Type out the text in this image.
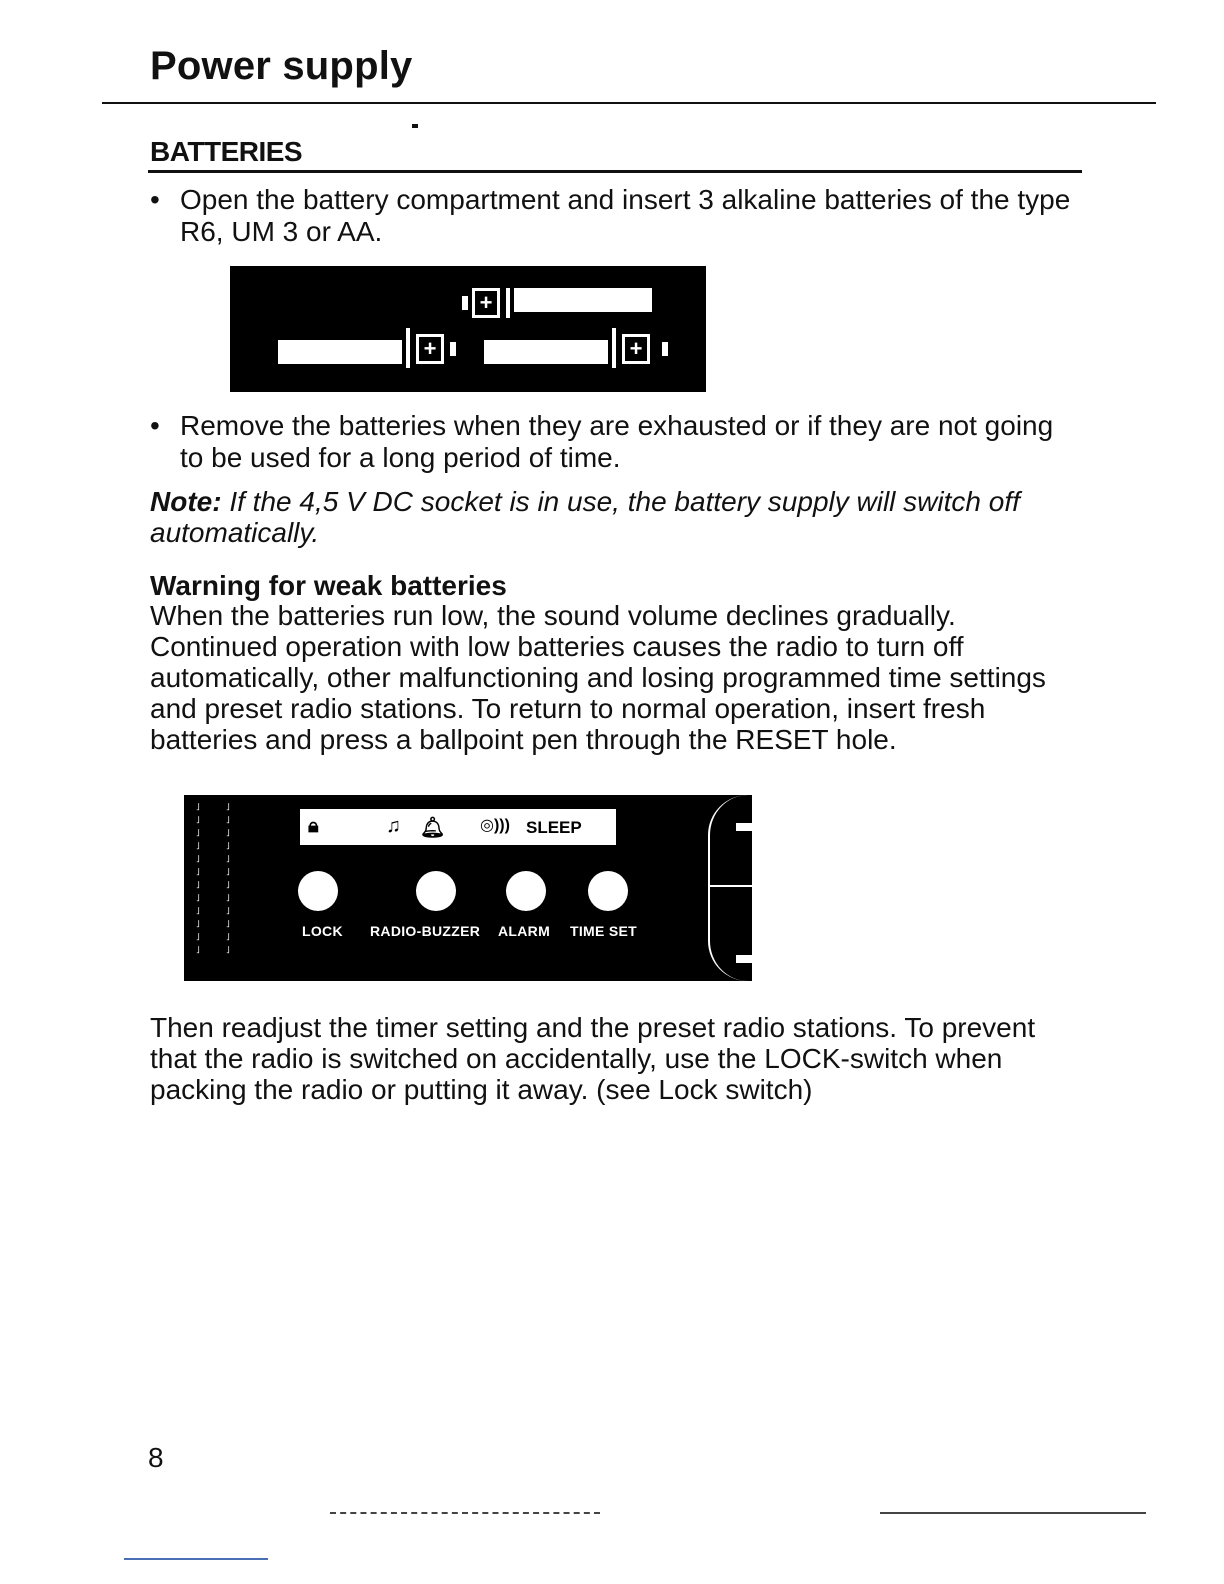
Power supply
BATTERIES
• Open the battery compartment and insert 3 alkaline batteries of the type R6, UM 3 or AA.
+
+	+
• Remove the batteries when they are exhausted or if they are not going to be used for a long period of time.
Note: If the 4,5 V DC socket is in use, the battery supply will switch off automatically.
Warning for weak batteries
When the batteries run low, the sound volume declines gradually. Continued operation with low batteries causes the radio to turn off automatically, other malfunctioning and losing programmed time settings and preset radio stations. To return to normal operation, insert fresh batteries and press a ballpoint pen through the RESET hole.
˩
˩
˩
˩
˩
˩
˩
˩
˩
˩
˩
˩
˩
˩
˩
˩
˩
˩
˩
˩
˩
˩
˩
˩
🔒︎	♫ 🔔︎ ◎))) SLEEP
LOCK RADIO-BUZZER ALARM TIME SET
Then readjust the timer setting and the preset radio stations. To prevent that the radio is switched on accidentally, use the LOCK-switch when packing the radio or putting it away. (see Lock switch)
8
